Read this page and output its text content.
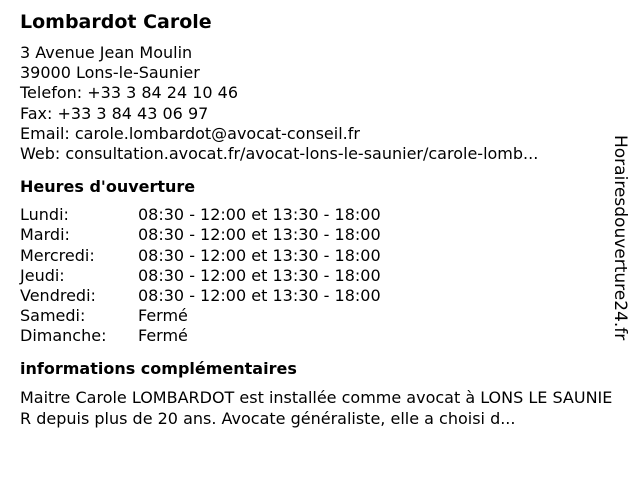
Lombardot Carole
3 Avenue Jean Moulin
39000 Lons-le-Saunier
Telefon: +33 3 84 24 10 46
Fax: +33 3 84 43 06 97
Email: carole.lombardot@avocat-conseil.fr
Web: consultation.avocat.fr/avocat-lons-le-saunier/carole-lomb...
Heures d'ouverture
Lundi:	08:30 - 12:00 et 13:30 - 18:00
Mardi:	08:30 - 12:00 et 13:30 - 18:00
Mercredi:	08:30 - 12:00 et 13:30 - 18:00
Jeudi:	08:30 - 12:00 et 13:30 - 18:00
Vendredi:	08:30 - 12:00 et 13:30 - 18:00
Samedi:	Fermé
Dimanche:	Fermé
informations complémentaires
Maitre Carole LOMBARDOT est installée comme avocat à LONS LE SAUNIER depuis plus de 20 ans. Avocate généraliste, elle a choisi d...
Horairesdouverture24.fr
